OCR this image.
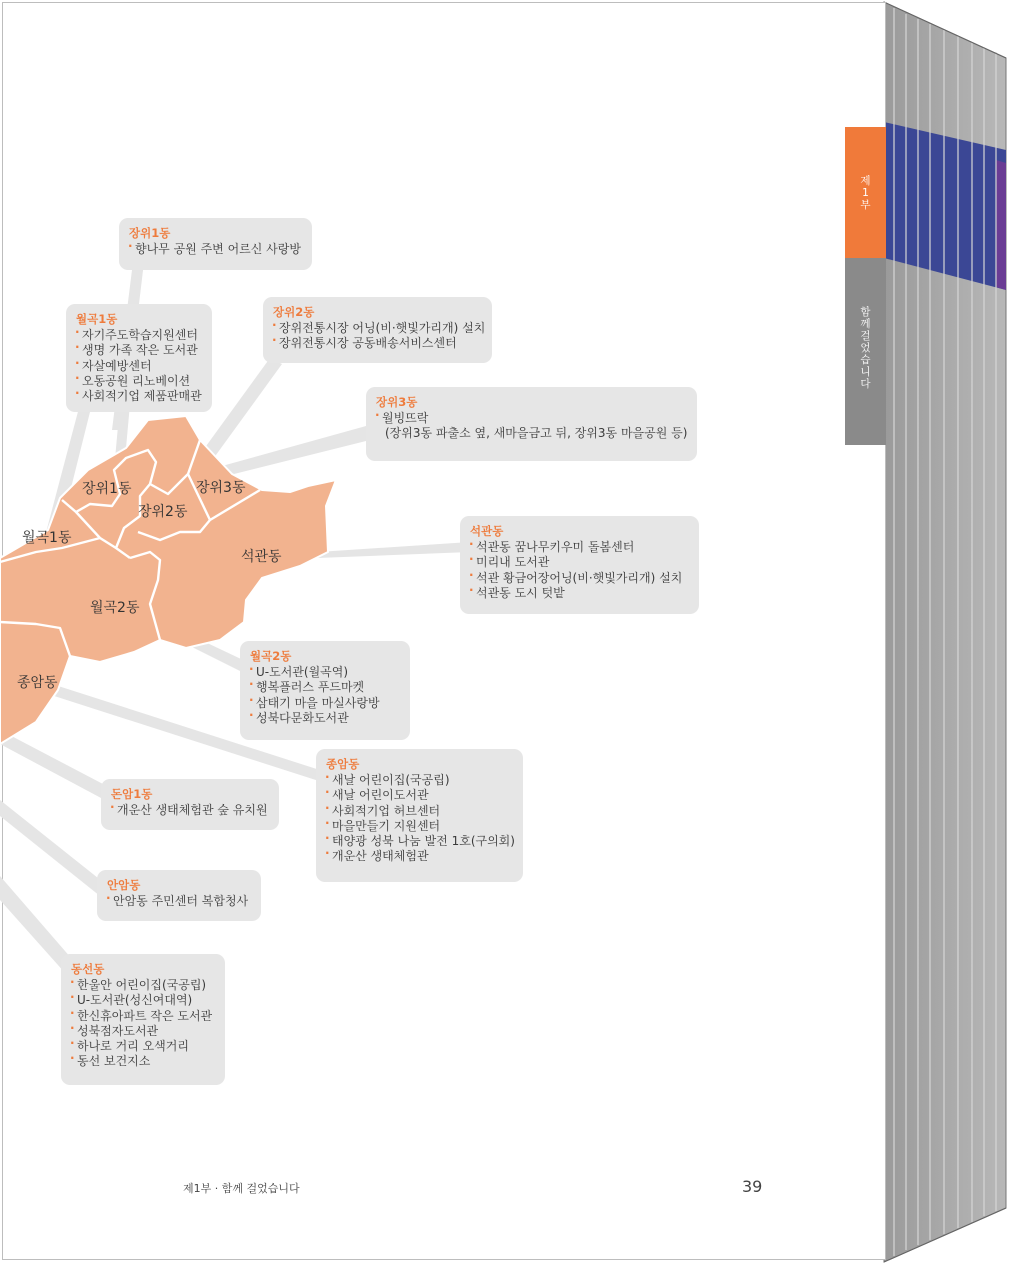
제1부
함께 걸었습니다
장위1동
장위2동
장위3동
월곡1동
석관동
월곡2동
종암동
장위1동
· 향나무 공원 주변 어르신 사랑방
월곡1동
· 자기주도학습지원센터
· 생명 가족 작은 도서관
· 자살예방센터
· 오동공원 리노베이션
· 사회적기업 제품판매관
장위2동
· 장위전통시장 어닝(비·햇빛가리개) 설치
· 장위전통시장 공동배송서비스센터
장위3동
· 월빙뜨락
(장위3동 파출소 옆, 새마을금고 뒤, 장위3동 마을공원 등)
석관동
· 석관동 꿈나무키우미 돌봄센터
· 미리내 도서관
· 석관 황금어장어닝(비·햇빛가리개) 설치
· 석관동 도시 텃밭
월곡2동
· U-도서관(월곡역)
· 행복플러스 푸드마켓
· 삼태기 마을 마실사랑방
· 성북다문화도서관
종암동
· 새날 어린이집(국공립)
· 새날 어린이도서관
· 사회적기업 허브센터
· 마을만들기 지원센터
· 태양광 성북 나눔 발전 1호(구의회)
· 개운산 생태체험관
돈암1동
· 개운산 생태체험관 숲 유치원
안암동
· 안암동 주민센터 복합청사
동선동
· 한울안 어린이집(국공립)
· U-도서관(성신여대역)
· 한신휴아파트 작은 도서관
· 성북점자도서관
· 하나로 거리 오색거리
· 동선 보건지소
제1부 · 함께 걸었습니다	39
